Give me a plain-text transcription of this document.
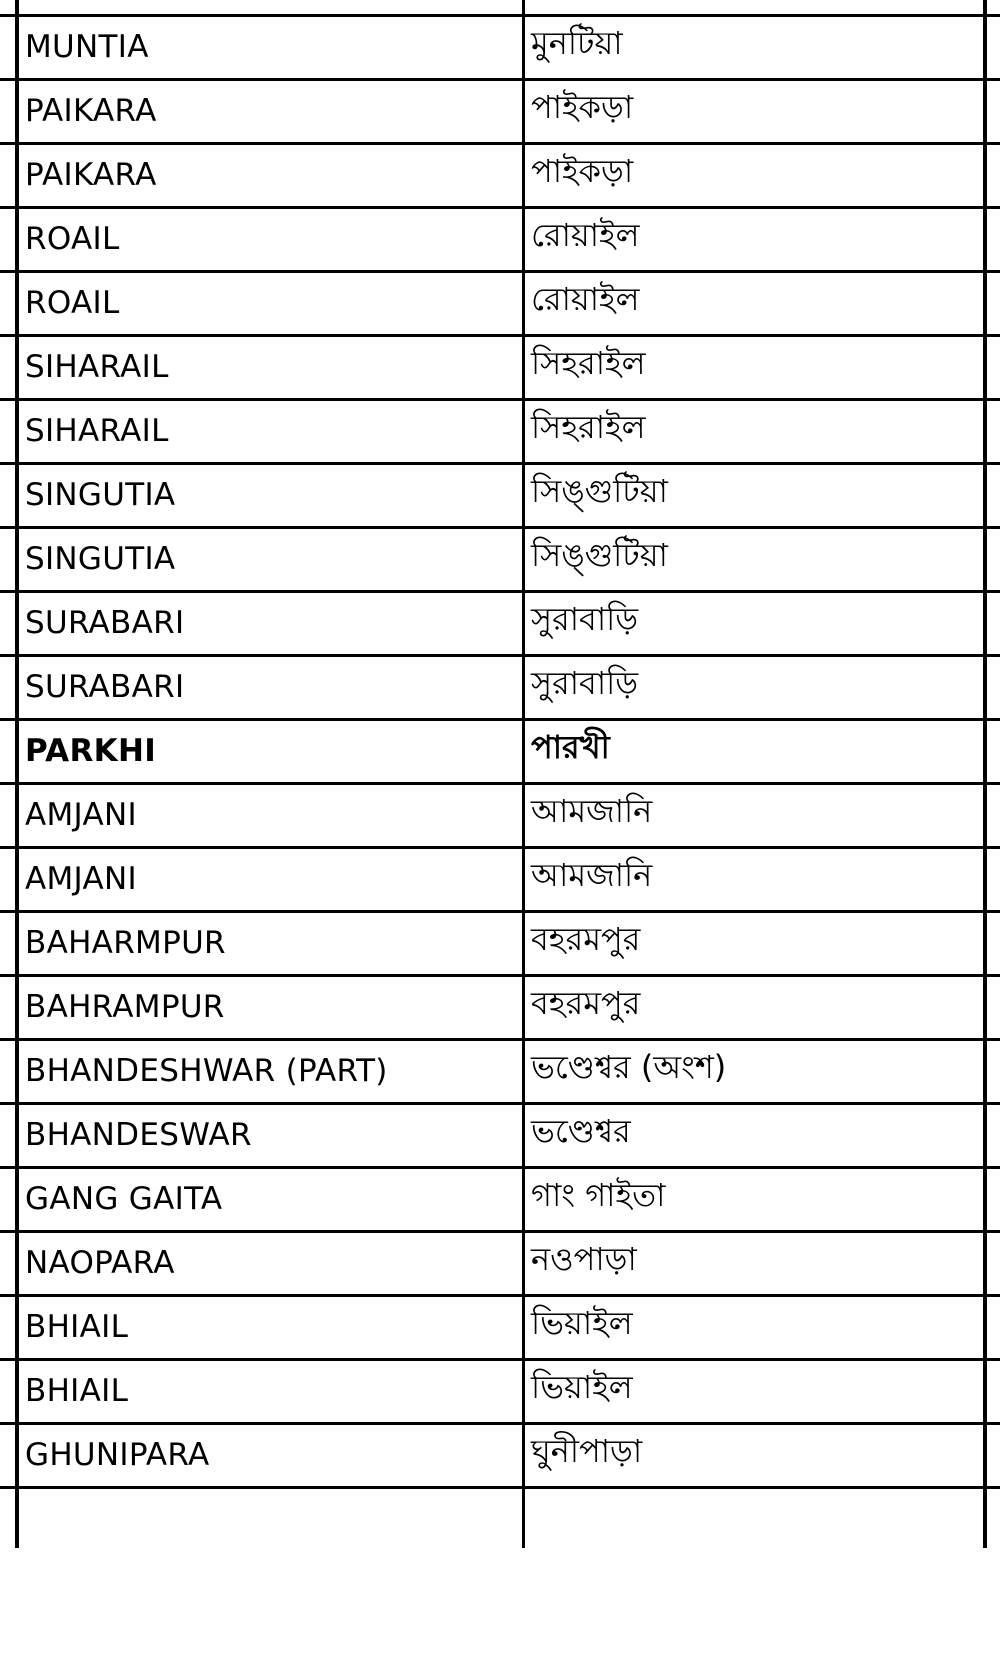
MUNTIA	মুনটিয়া
PAIKARA	পাইকড়া
PAIKARA	পাইকড়া
ROAIL	রোয়াইল
ROAIL	রোয়াইল
SIHARAIL	সিহরাইল
SIHARAIL	সিহরাইল
SINGUTIA	সিঙ্গুটিয়া
SINGUTIA	সিঙ্গুটিয়া
SURABARI	সুরাবাড়ি
SURABARI	সুরাবাড়ি
PARKHI	পারখী
AMJANI	আমজানি
AMJANI	আমজানি
BAHARMPUR	বহরমপুর
BAHRAMPUR	বহরমপুর
BHANDESHWAR (PART)	ভণ্ডেশ্বর (অংশ)
BHANDESWAR	ভণ্ডেশ্বর
GANG GAITA	গাং গাইতা
NAOPARA	নওপাড়া
BHIAIL	ভিয়াইল
BHIAIL	ভিয়াইল
GHUNIPARA	ঘুনীপাড়া
